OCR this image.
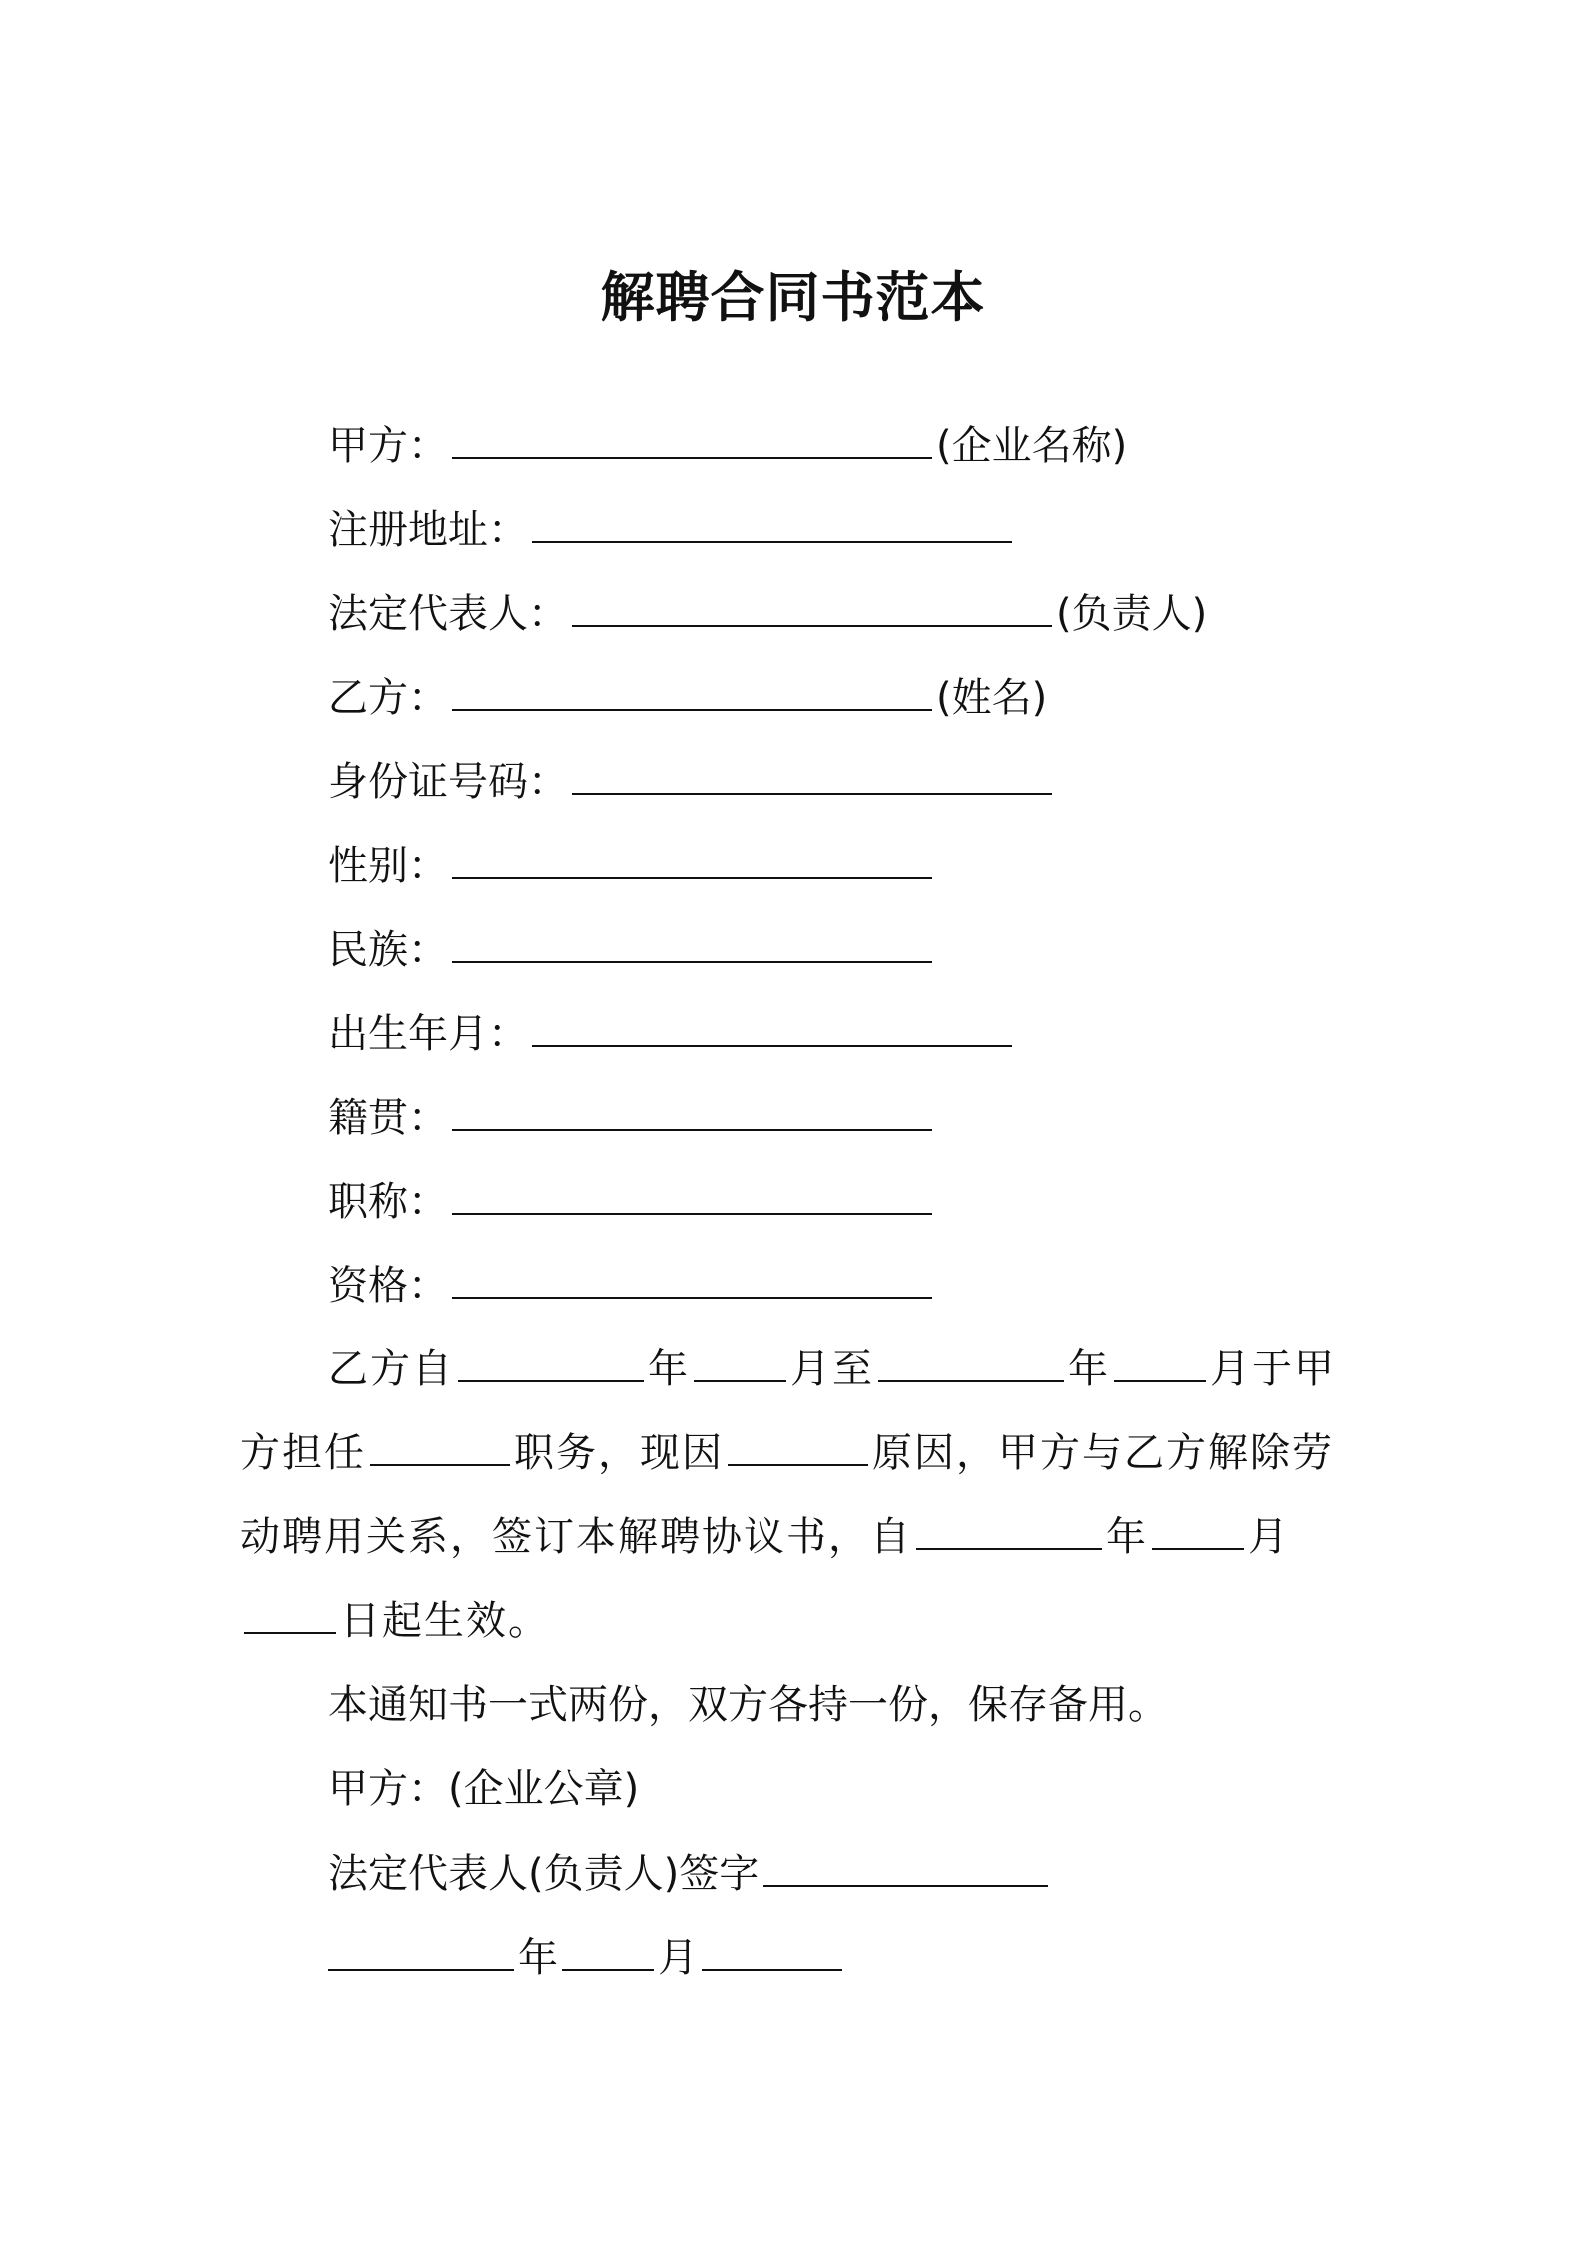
解聘合同书范本
甲方：	(企业名称)
注册地址：
法定代表人：	(负责人)
乙方：	(姓名)
身份证号码：
性别：
民族：
出生年月：
籍贯：
职称：
资格：
乙方自	年	月至	年	月于甲方担任	职务，现因	原因，甲方与乙方解除劳动聘用关系，签订本解聘协议书，自	年	月日起生效。
本通知书一式两份，双方各持一份，保存备用。
甲方：(企业公章)
法定代表人(负责人)签字
年	月
